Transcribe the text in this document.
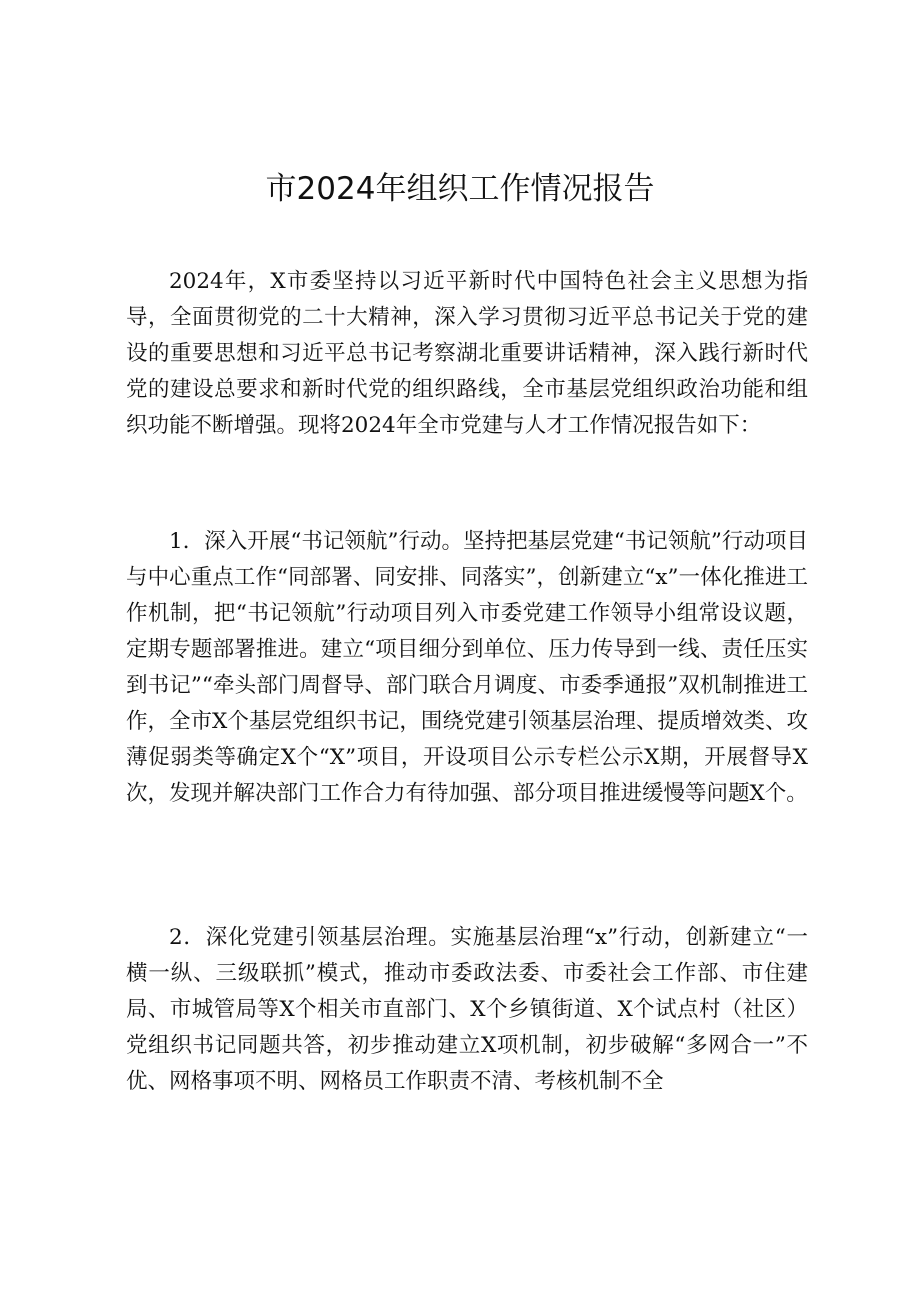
市2024年组织工作情况报告

2024年，X市委坚持以习近平新时代中国特色社会主义思想为指导，全面贯彻党的二十大精神，深入学习贯彻习近平总书记关于党的建设的重要思想和习近平总书记考察湖北重要讲话精神，深入践行新时代党的建设总要求和新时代党的组织路线，全市基层党组织政治功能和组织功能不断增强。现将2024年全市党建与人才工作情况报告如下：

1．深入开展“书记领航”行动。坚持把基层党建“书记领航”行动项目与中心重点工作“同部署、同安排、同落实”，创新建立“x”一体化推进工作机制，把“书记领航”行动项目列入市委党建工作领导小组常设议题，定期专题部署推进。建立“项目细分到单位、压力传导到一线、责任压实到书记”“牵头部门周督导、部门联合月调度、市委季通报”双机制推进工作，全市X个基层党组织书记，围绕党建引领基层治理、提质增效类、攻薄促弱类等确定X个“X”项目，开设项目公示专栏公示X期，开展督导X次，发现并解决部门工作合力有待加强、部分项目推进缓慢等问题X个。

2．深化党建引领基层治理。实施基层治理“x”行动，创新建立“一横一纵、三级联抓”模式，推动市委政法委、市委社会工作部、市住建局、市城管局等X个相关市直部门、X个乡镇街道、X个试点村（社区）党组织书记同题共答，初步推动建立X项机制，初步破解“多网合一”不优、网格事项不明、网格员工作职责不清、考核机制不全
